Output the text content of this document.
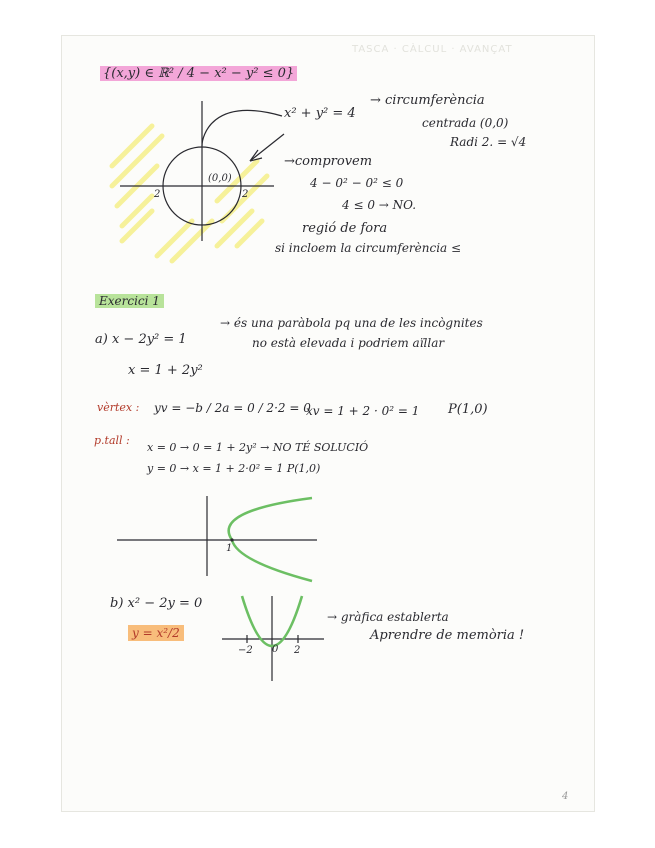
TASCA · CÀLCUL · AVANÇAT
{(x,y) ∈ ℝ² / 4 − x² − y² ≤ 0}
x² + y² = 4
→ circumferència
centrada (0,0)
Radi 2. = √4
→comprovem
4 − 0² − 0² ≤ 0
4 ≤ 0 → NO.
regió de fora
si incloem la circumferència ≤
(0,0)
2	2
Exercici 1
a) x − 2y² = 1
→ és una paràbola pq una de les incògnites
no està elevada i podriem aïllar
x = 1 + 2y²
vèrtex : yv = −b / 2a = 0 / 2·2 = 0
xv = 1 + 2 · 0² = 1 P(1,0)
p.tall :
x = 0 → 0 = 1 + 2y² → NO TÉ SOLUCIÓ
y = 0 → x = 1 + 2·0² = 1 P(1,0)
1
b) x² − 2y = 0
y = x²/2
→ gràfica establerta
Aprendre de memòria !
−2 0 2
4
